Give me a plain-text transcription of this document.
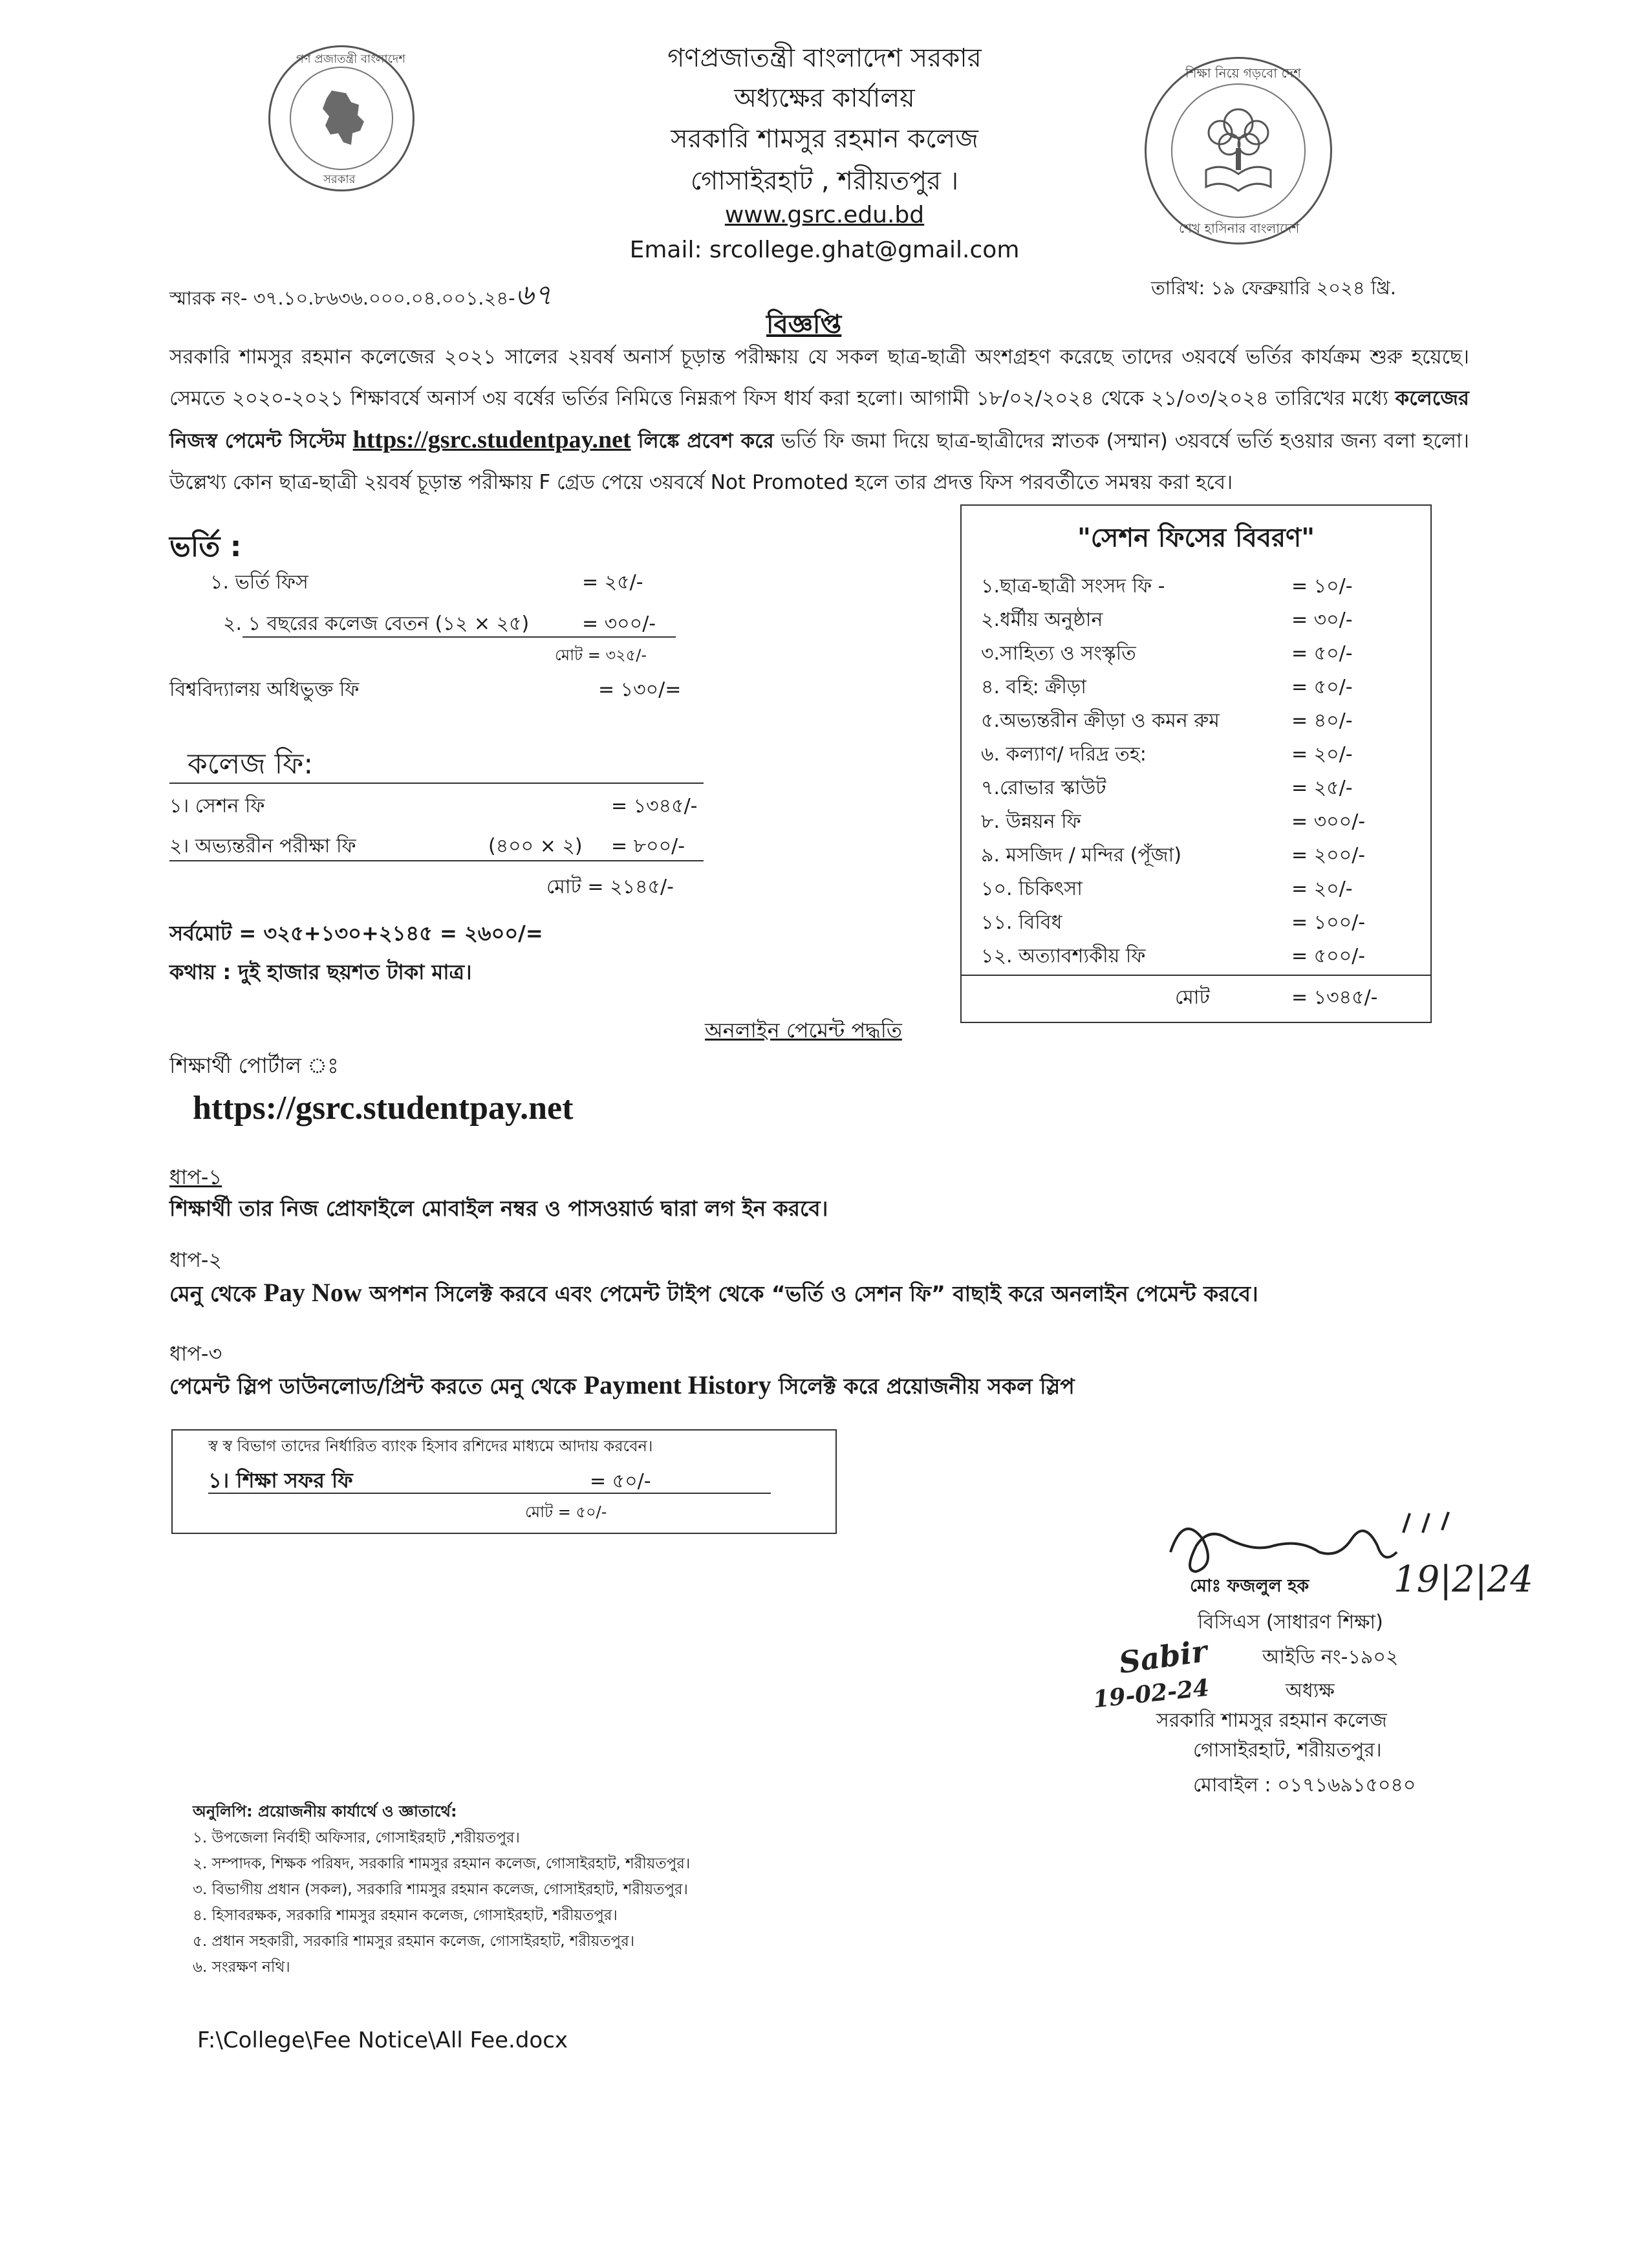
গণ প্রজাতন্ত্রী বাংলাদেশ
সরকার
শিক্ষা নিয়ে গড়বো দেশ
শেখ হাসিনার বাংলাদেশ
গণপ্রজাতন্ত্রী বাংলাদেশ সরকার
অধ্যক্ষের কার্যালয়
সরকারি শামসুর রহমান কলেজ
গোসাইরহাট , শরীয়তপুর ।
www.gsrc.edu.bd
Email: srcollege.ghat@gmail.com
স্মারক নং- ৩৭.১০.৮৬৩৬.০০০.০৪.০০১.২৪-৬৭	তারিখ: ১৯ ফেব্রুয়ারি ২০২৪ খ্রি.
বিজ্ঞপ্তি
সরকারি শামসুর রহমান কলেজের ২০২১ সালের ২য়বর্ষ অনার্স চূড়ান্ত পরীক্ষায় যে সকল ছাত্র-ছাত্রী অংশগ্রহণ করেছে তাদের ৩য়বর্ষে ভর্তির কার্যক্রম শুরু হয়েছে। সেমতে ২০২০-২০২১ শিক্ষাবর্ষে অনার্স ৩য় বর্ষের ভর্তির নিমিত্তে নিম্নরূপ ফিস ধার্য করা হলো। আগামী ১৮/০২/২০২৪ থেকে ২১/০৩/২০২৪ তারিখের মধ্যে কলেজের নিজস্ব পেমেন্ট সিস্টেম https://gsrc.studentpay.net লিঙ্কে প্রবেশ করে ভর্তি ফি জমা দিয়ে ছাত্র-ছাত্রীদের স্নাতক (সম্মান) ৩য়বর্ষে ভর্তি হওয়ার জন্য বলা হলো। উল্লেখ্য কোন ছাত্র-ছাত্রী ২য়বর্ষ চূড়ান্ত পরীক্ষায় F গ্রেড পেয়ে ৩য়বর্ষে Not Promoted হলে তার প্রদত্ত ফিস পরবর্তীতে সমন্বয় করা হবে।
ভর্তি :
১. ভর্তি ফিস	= ২৫/-
২. ১ বছরের কলেজ বেতন (১২ × ২৫)	= ৩০০/-
মোট = ৩২৫/-
বিশ্ববিদ্যালয় অধিভুক্ত ফি	= ১৩০/=
কলেজ ফি:
১। সেশন ফি	= ১৩৪৫/-
২। অভ্যন্তরীন পরীক্ষা ফি	(৪০০ × ২) = ৮০০/-
মোট = ২১৪৫/-
সর্বমোট = ৩২৫+১৩০+২১৪৫ = ২৬০০/=
কথায় : দুই হাজার ছয়শত টাকা মাত্র।
"সেশন ফিসের বিবরণ"
১.ছাত্র-ছাত্রী সংসদ ফি -	= ১০/-
২.ধর্মীয় অনুষ্ঠান	= ৩০/-
৩.সাহিত্য ও সংস্কৃতি	= ৫০/-
৪. বহি: ক্রীড়া	= ৫০/-
৫.অভ্যন্তরীন ক্রীড়া ও কমন রুম	= ৪০/-
৬. কল্যাণ/ দরিদ্র তহ:	= ২০/-
৭.রোভার স্কাউট	= ২৫/-
৮. উন্নয়ন ফি	= ৩০০/-
৯. মসজিদ / মন্দির (পূঁজা)	= ২০০/-
১০. চিকিৎসা	= ২০/-
১১. বিবিধ	= ১০০/-
১২. অত্যাবশ্যকীয় ফি	= ৫০০/-
মোট	= ১৩৪৫/-
অনলাইন পেমেন্ট পদ্ধতি
শিক্ষার্থী পোর্টাল ঃ
https://gsrc.studentpay.net
ধাপ-১
শিক্ষার্থী তার নিজ প্রোফাইলে মোবাইল নম্বর ও পাসওয়ার্ড দ্বারা লগ ইন করবে।
ধাপ-২
মেনু থেকে Pay Now অপশন সিলেক্ট করবে এবং পেমেন্ট টাইপ থেকে “ভর্তি ও সেশন ফি” বাছাই করে অনলাইন পেমেন্ট করবে।
ধাপ-৩
পেমেন্ট স্লিপ ডাউনলোড/প্রিন্ট করতে মেনু থেকে Payment History সিলেক্ট করে প্রয়োজনীয় সকল স্লিপ
স্ব স্ব বিভাগ তাদের নির্ধারিত ব্যাংক হিসাব রশিদের মাধ্যমে আদায় করবেন।
১। শিক্ষা সফর ফি	= ৫০/-
মোট = ৫০/-
19|2|24
মোঃ ফজলুল হক
বিসিএস (সাধারণ শিক্ষা)
আইডি নং-১৯০২
অধ্যক্ষ
সরকারি শামসুর রহমান কলেজ
গোসাইরহাট, শরীয়তপুর।
মোবাইল : ০১৭১৬৯১৫০৪০
Sabir
19-02-24
অনুলিপি: প্রয়োজনীয় কার্যার্থে ও জ্ঞাতার্থে:
১. উপজেলা নির্বাহী অফিসার, গোসাইরহাট ,শরীয়তপুর।
২. সম্পাদক, শিক্ষক পরিষদ, সরকারি শামসুর রহমান কলেজ, গোসাইরহাট, শরীয়তপুর।
৩. বিভাগীয় প্রধান (সকল), সরকারি শামসুর রহমান কলেজ, গোসাইরহাট, শরীয়তপুর।
৪. হিসাবরক্ষক, সরকারি শামসুর রহমান কলেজ, গোসাইরহাট, শরীয়তপুর।
৫. প্রধান সহকারী, সরকারি শামসুর রহমান কলেজ, গোসাইরহাট, শরীয়তপুর।
৬. সংরক্ষণ নথি।
F:\College\Fee Notice\All Fee.docx
